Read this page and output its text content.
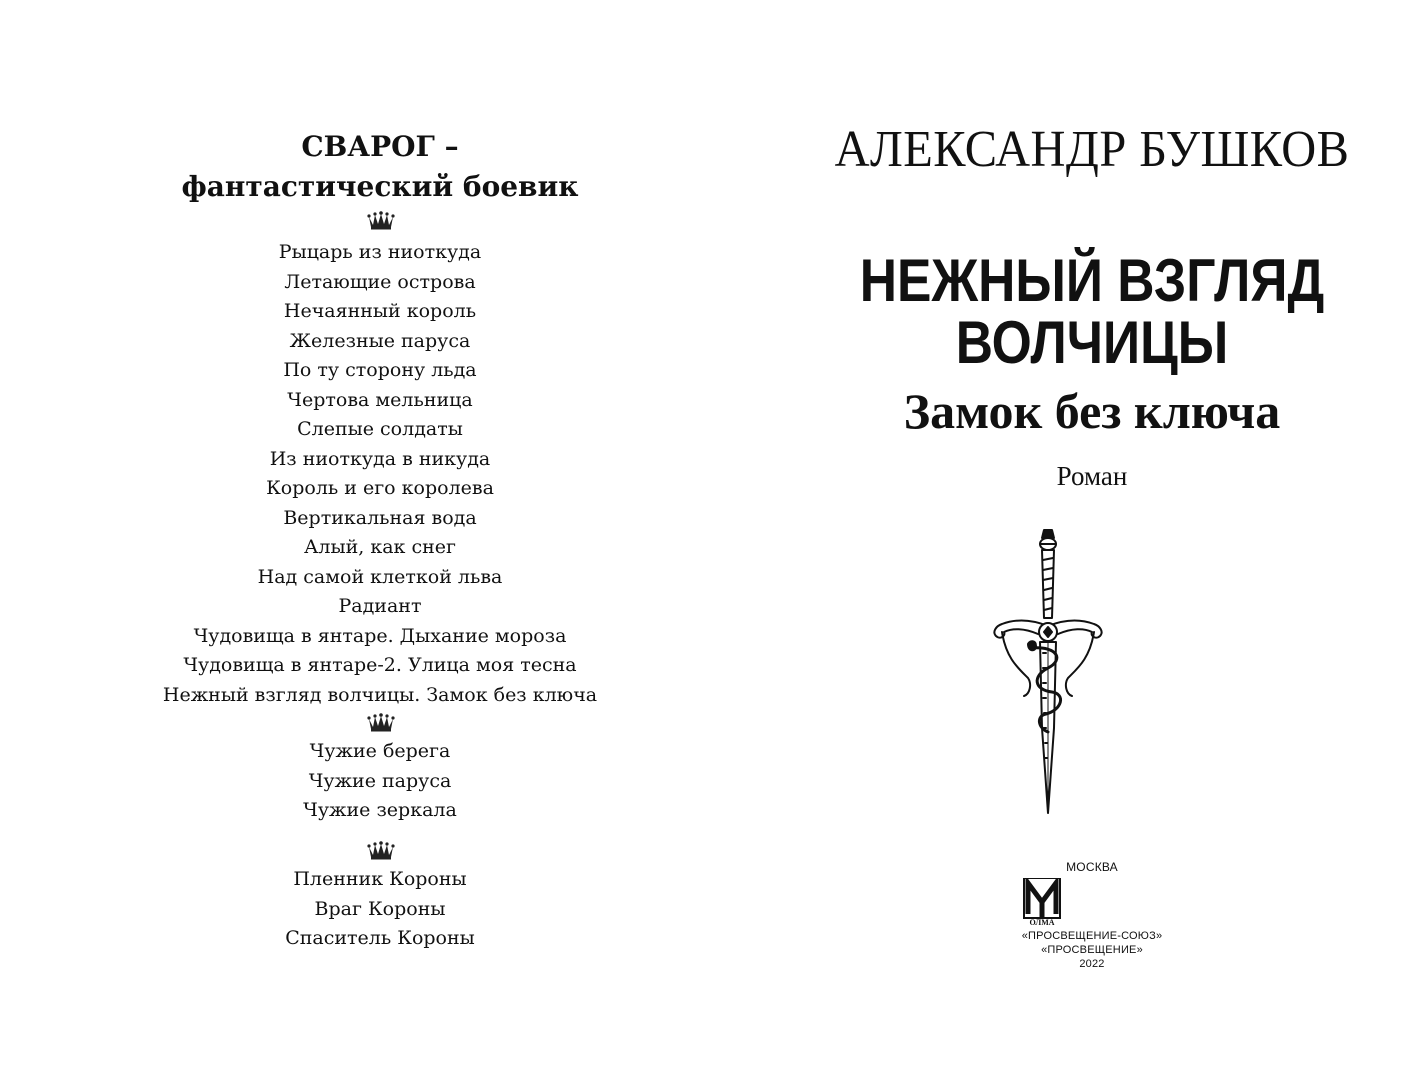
СВАРОГ –
фантастический боевик
Рыцарь из ниоткуда
Летающие острова
Нечаянный король
Железные паруса
По ту сторону льда
Чертова мельница
Слепые солдаты
Из ниоткуда в никуда
Король и его королева
Вертикальная вода
Алый, как снег
Над самой клеткой льва
Радиант
Чудовища в янтаре. Дыхание мороза
Чудовища в янтаре-2. Улица моя тесна
Нежный взгляд волчицы. Замок без ключа
Чужие берега
Чужие паруса
Чужие зеркала
Пленник Короны
Враг Короны
Спаситель Короны
АЛЕКСАНДР БУШКОВ
НЕЖНЫЙ ВЗГЛЯД
ВОЛЧИЦЫ
Замок без ключа
Роман
МОСКВА
ОЛМА
«ПРОСВЕЩЕНИЕ-СОЮЗ»
«ПРОСВЕЩЕНИЕ»
2022
